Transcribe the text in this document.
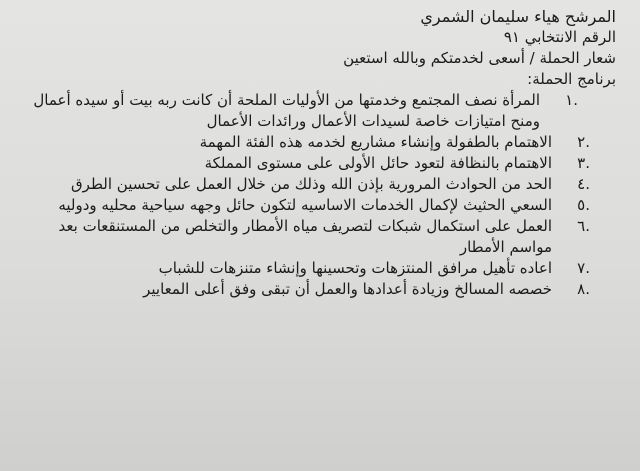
المرشح هياء سليمان الشمري

الرقم الانتخابي ٩١

شعار الحملة / أسعى لخدمتكم وبالله استعين

برنامج الحملة:

.١
المرأة نصف المجتمع وخدمتها من الأوليات الملحة أن كانت ربه بيت أو سيده أعمال ومنح امتيازات خاصة لسيدات الأعمال ورائدات الأعمال
.٢
الاهتمام بالطفولة وإنشاء مشاريع لخدمه هذه الفئة المهمة
.٣
الاهتمام بالنظافة لتعود حائل الأولى على مستوى المملكة
.٤
الحد من الحوادث المرورية بإذن الله وذلك من خلال العمل على تحسين الطرق
.٥
السعي الحثيث لإكمال الخدمات الاساسيه لتكون حائل وجهه سياحية محليه ودوليه
.٦
العمل على استكمال شبكات لتصريف مياه الأمطار والتخلص من المستنقعات بعد مواسم الأمطار
.٧
اعاده تأهيل مرافق المنتزهات وتحسينها وإنشاء متنزهات للشباب
.٨
خصصه المسالخ وزيادة أعدادها والعمل أن تبقى وفق أعلى المعايير
